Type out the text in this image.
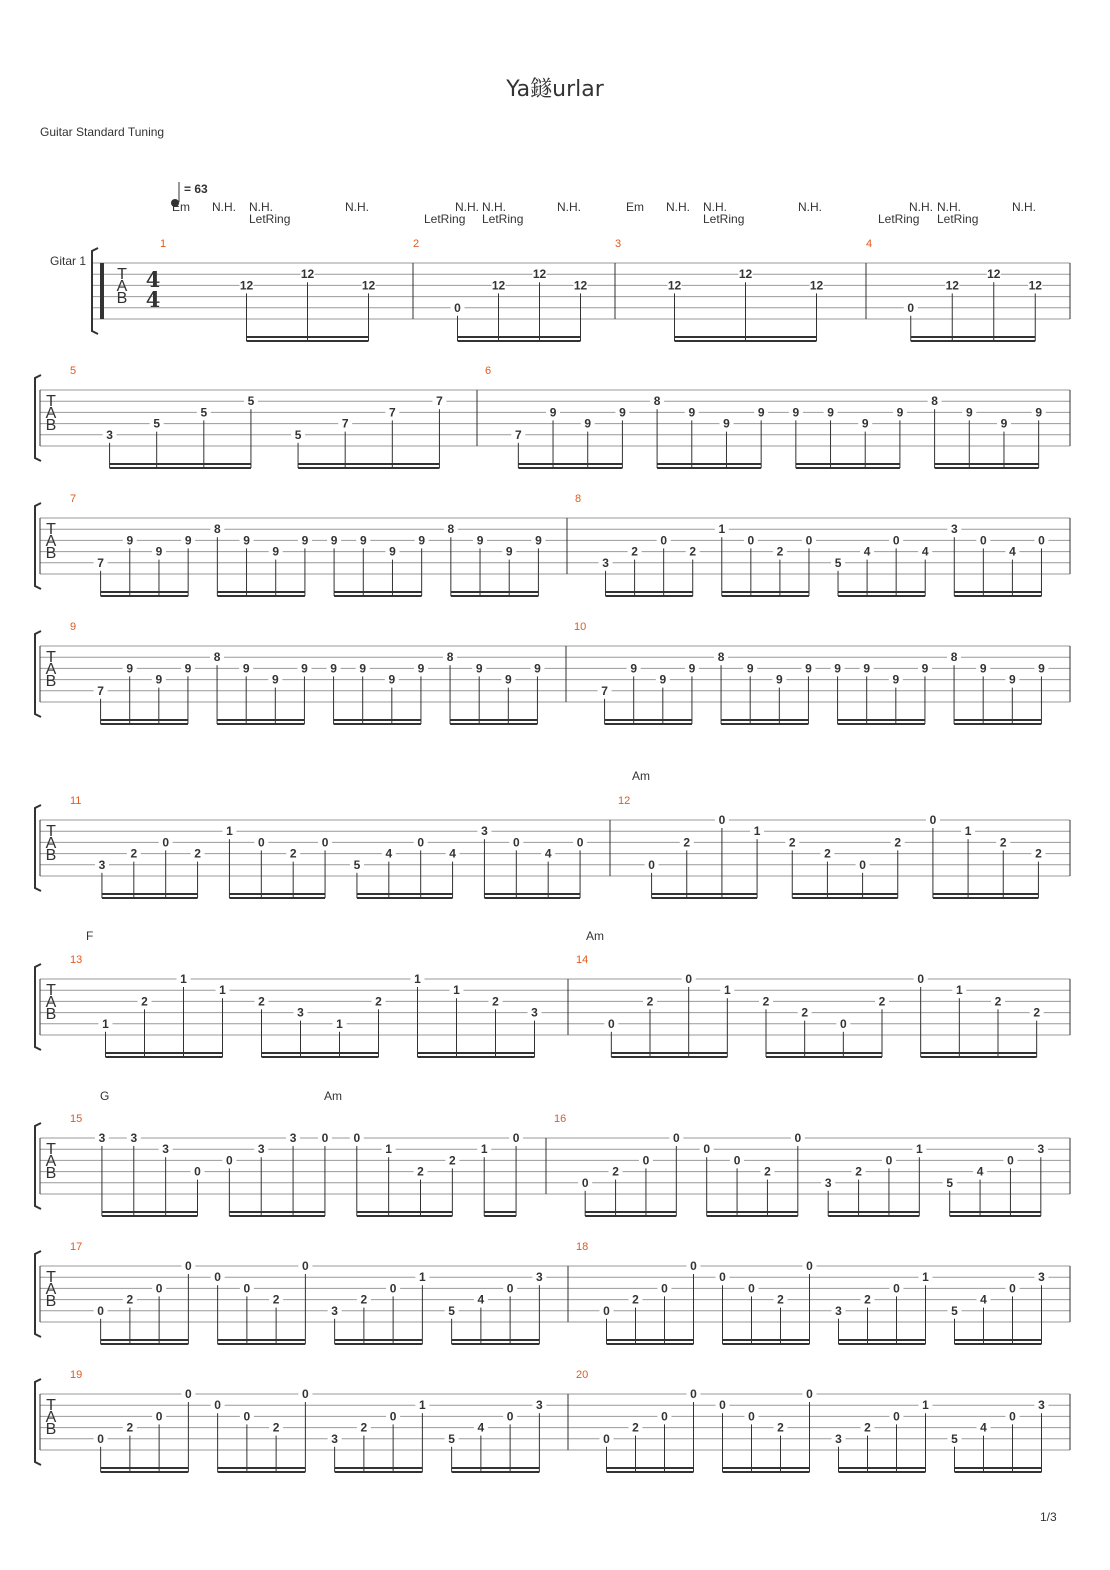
Ya鐩urlar
Guitar Standard Tuning
1/3
T
A
B
1
12
12
12
2
0
12
12
12
3
12
12
12
4
0
12
12
12
T
A
B
5
3
5
5
5
5
7
7
7
6
7
9
9
9
8
9
9
9 9 9
9
9
8
9
9
9
T
A
B
7
7
9
9
9
8
9
9
9 9 9
9
9
8
9
9
9
8
3
2
0
2
1
0
2
0
5
4
0
4
3
0
4
0
T
A
B
9
7
9
9
9
8
9
9
9 9 9
9
9
8
9
9
9
10
7
9
9
9
8
9
9
9 9 9
9
9
8
9
9
9
T
A
B
11
3
2
0
2
1
0
2
0
5
4
0
4
3
0
4
0
12
0
2
0
1
2
2
0
2
0
1
2
2
T
A
B
13
1
2
1
1
2
3
1
2
1
1
2
3
14
0
2
0
1
2
2
0
2
0
1
2
2
T
A
B
15
3 3
3
0
0
3
3 0 0
1
2
2
1
0
16
0
2
0
0
0
0
2
0
3
2
0
1
5
4
0
3
T
A
B
17
0
2
0
0
0
0
2
0
3
2
0
1
5
4
0
3
18
0
2
0
0
0
0
2
0
3
2
0
1
5
4
0
3
T
A
B
19
0
2
0
0
0
0
2
0
3
2
0
1
5
4
0
3
20
0
2
0
0
0
0
2
0
3
2
0
1
5
4
0
3
4
4
= 63
Gitar 1
Em N.H. N.H.
LetRing
N.H.	N.H. N.H.
LetRing
LetRing
N.H.	Em N.H. N.H.
LetRing
N.H.	N.H. N.H.
LetRing LetRing
N.H.
Am
F	Am
G	Am
